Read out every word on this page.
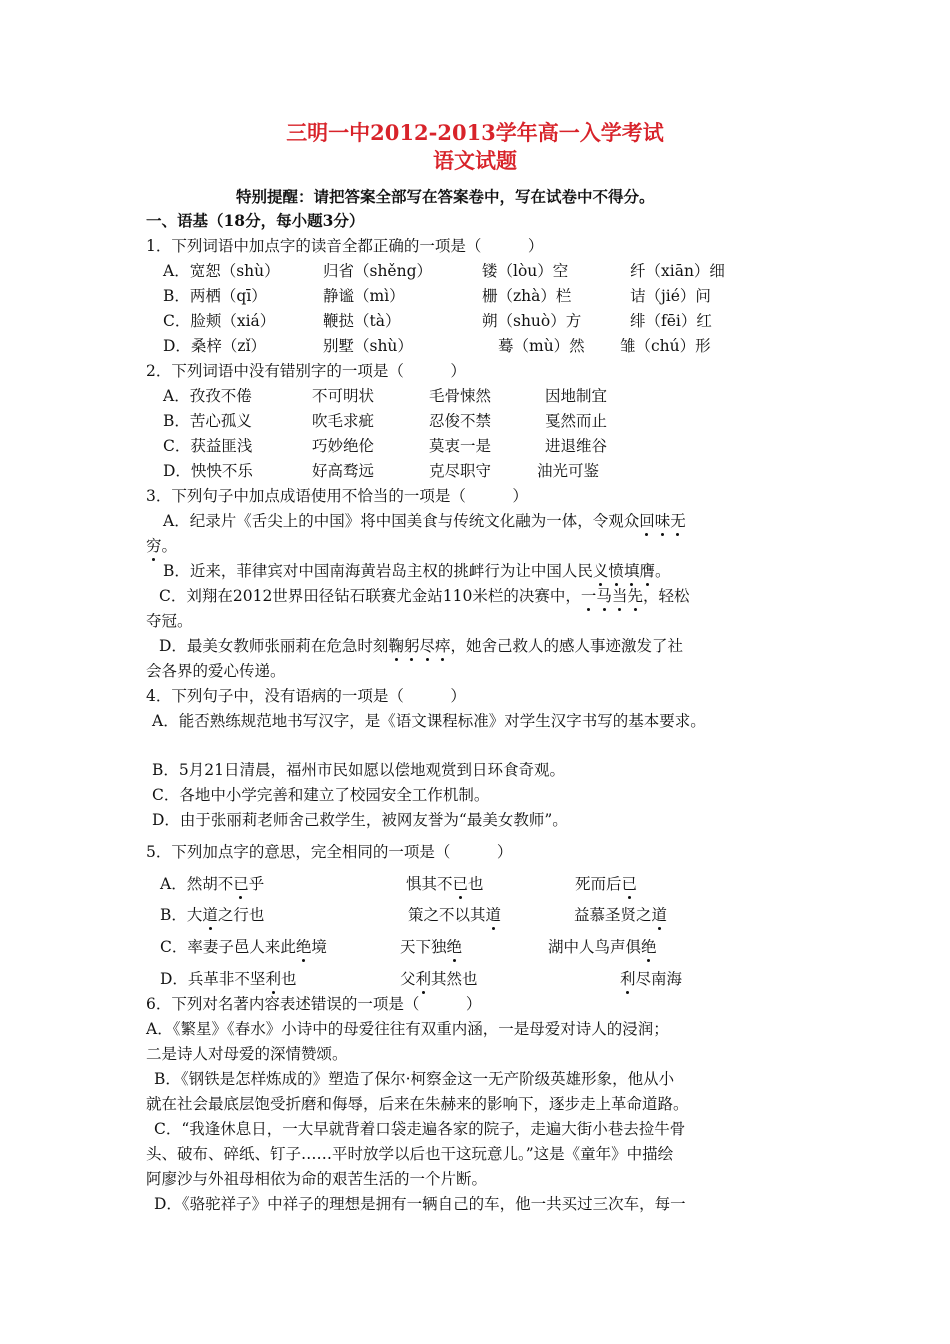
三明一中2012-2013学年高一入学考试
语文试题
特别提醒：请把答案全部写在答案卷中，写在试卷中不得分。
一、语基（18分，每小题3分）
1．下列词语中加点字的读音全都正确的一项是（　　　）
A．宽恕（shù）	归省（shěng）	镂（lòu）空	纤（xiān）细
B．两栖（qī）	静谧（mì）	栅（zhà）栏	诘（jié）问
C．脸颊（xiá）	鞭挞（tà）	朔（shuò）方	绯（fēi）红
D．桑梓（zǐ）	别墅（shù）	蓦（mù）然 雏（chú）形
2．下列词语中没有错别字的一项是（　　　）
A．孜孜不倦	不可明状	毛骨悚然	因地制宜
B．苦心孤义	吹毛求疵	忍俊不禁	戛然而止
C．获益匪浅	巧妙绝伦	莫衷一是	进退维谷
D．怏怏不乐	好高骛远	克尽职守	油光可鉴
3．下列句子中加点成语使用不恰当的一项是（　　　）
A．纪录片《舌尖上的中国》将中国美食与传统文化融为一体，令观众回味无
穷。
B．近来，菲律宾对中国南海黄岩岛主权的挑衅行为让中国人民义愤填膺。
C．刘翔在2012世界田径钻石联赛尤金站110米栏的决赛中，一马当先，轻松
夺冠。
D．最美女教师张丽莉在危急时刻鞠躬尽瘁，她舍己救人的感人事迹激发了社
会各界的爱心传递。
4．下列句子中，没有语病的一项是（　　　）
A．能否熟练规范地书写汉字，是《语文课程标准》对学生汉字书写的基本要求。
B．5月21日清晨，福州市民如愿以偿地观赏到日环食奇观。
C．各地中小学完善和建立了校园安全工作机制。
D．由于张丽莉老师舍己救学生，被网友誉为“最美女教师”。
5．下列加点字的意思，完全相同的一项是（　　　）
A．然胡不已乎	惧其不已也	死而后已
B．大道之行也	策之不以其道	益慕圣贤之道
C．率妻子邑人来此绝境	天下独绝	湖中人鸟声俱绝
D．兵革非不坚利也	父利其然也	利尽南海
6．下列对名著内容表述错误的一项是（　　　）
A．《繁星》《春水》小诗中的母爱往往有双重内涵，一是母爱对诗人的浸润；
二是诗人对母爱的深情赞颂。
B．《钢铁是怎样炼成的》塑造了保尔·柯察金这一无产阶级英雄形象，他从小
就在社会最底层饱受折磨和侮辱，后来在朱赫来的影响下，逐步走上革命道路。
C．“我逢休息日，一大早就背着口袋走遍各家的院子，走遍大街小巷去捡牛骨
头、破布、碎纸、钉子……平时放学以后也干这玩意儿。”这是《童年》中描绘
阿廖沙与外祖母相依为命的艰苦生活的一个片断。
D．《骆驼祥子》中祥子的理想是拥有一辆自己的车，他一共买过三次车，每一
